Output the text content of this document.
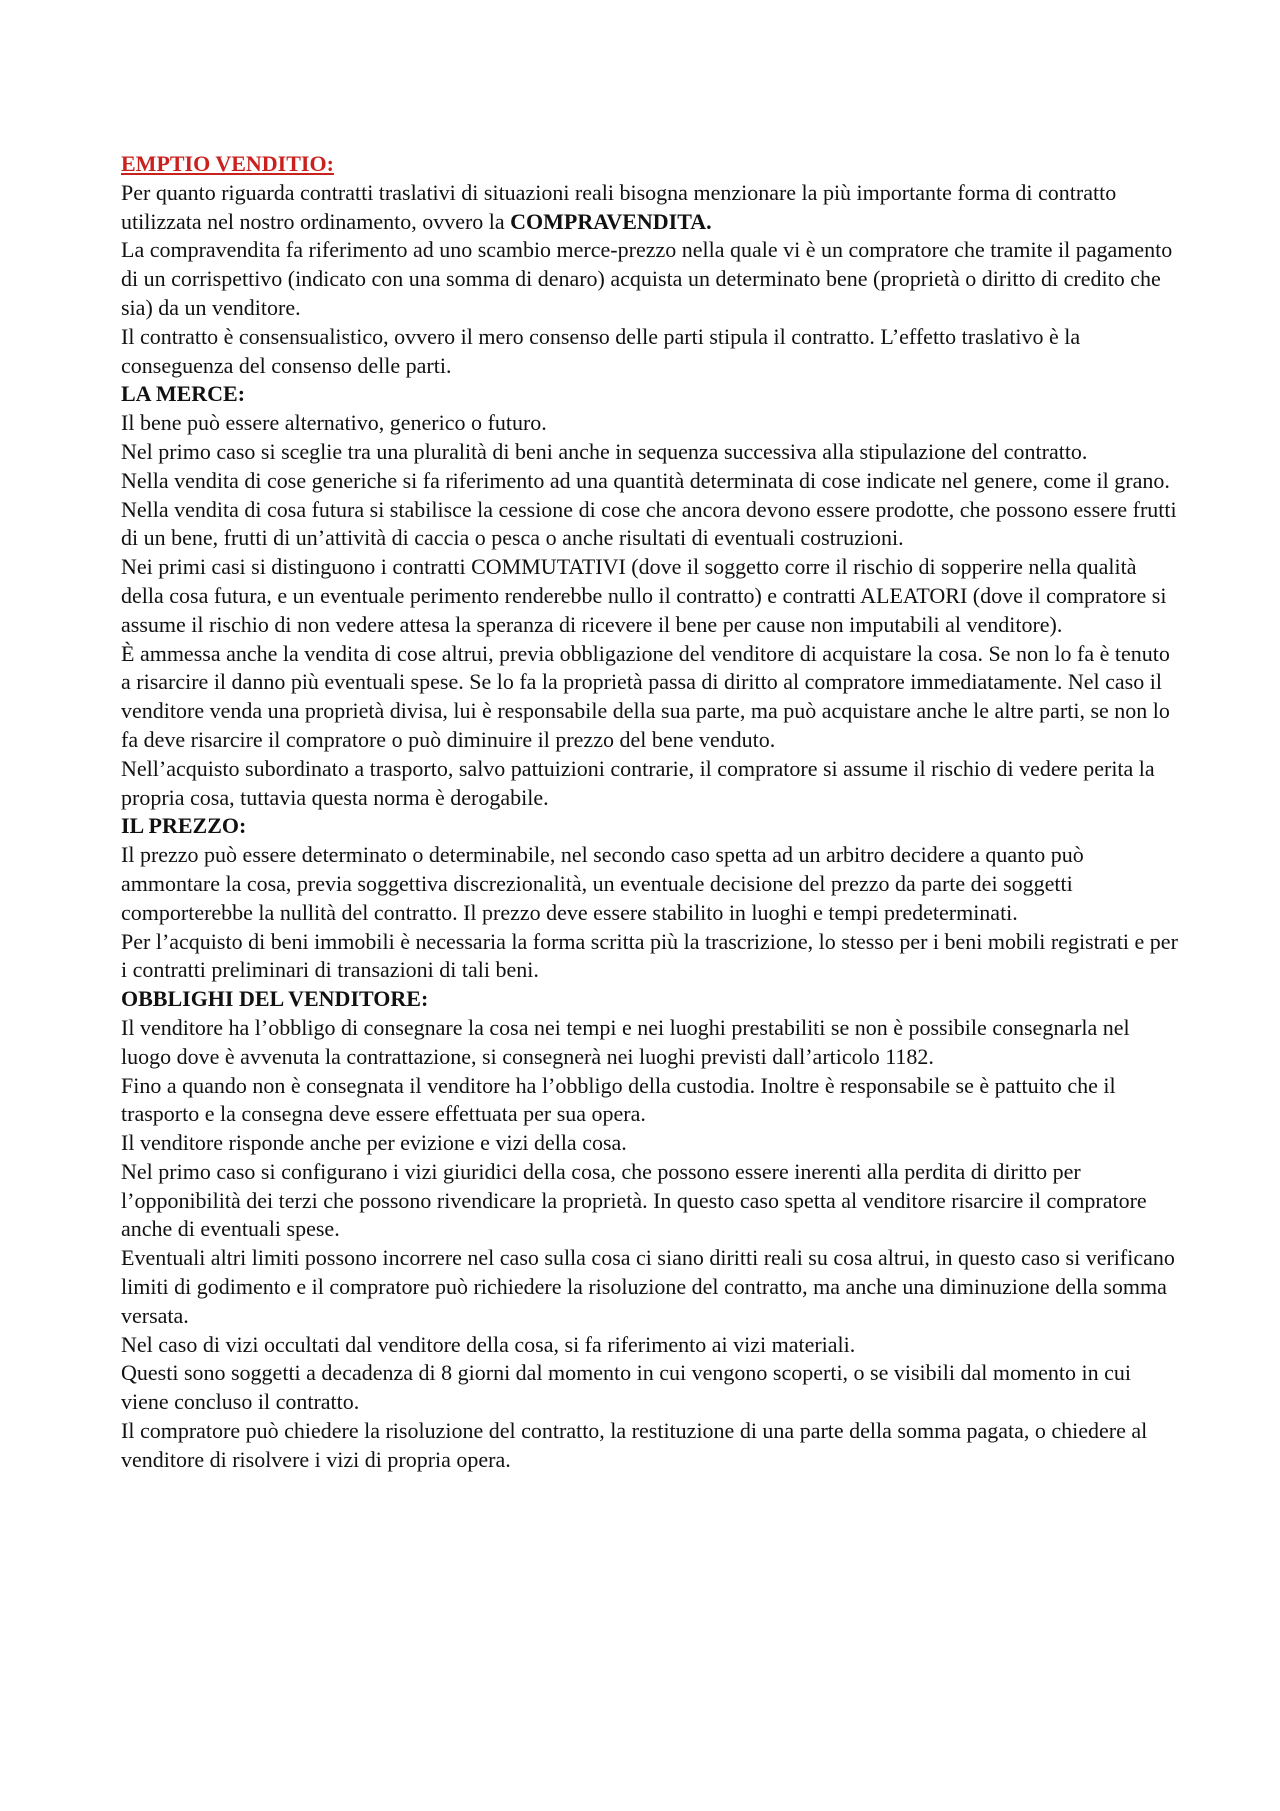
EMPTIO VENDITIO:

Per quanto riguarda contratti traslativi di situazioni reali bisogna menzionare la più importante forma di contratto utilizzata nel nostro ordinamento, ovvero la COMPRAVENDITA.

La compravendita fa riferimento ad uno scambio merce-prezzo nella quale vi è un compratore che tramite il pagamento di un corrispettivo (indicato con una somma di denaro) acquista un determinato bene (proprietà o diritto di credito che sia) da un venditore.

Il contratto è consensualistico, ovvero il mero consenso delle parti stipula il contratto. L’effetto traslativo è la conseguenza del consenso delle parti.

LA MERCE:

Il bene può essere alternativo, generico o futuro.

Nel primo caso si sceglie tra una pluralità di beni anche in sequenza successiva alla stipulazione del contratto.

Nella vendita di cose generiche si fa riferimento ad una quantità determinata di cose indicate nel genere, come il grano.

Nella vendita di cosa futura si stabilisce la cessione di cose che ancora devono essere prodotte, che possono essere frutti di un bene, frutti di un’attività di caccia o pesca o anche risultati di eventuali costruzioni.

Nei primi casi si distinguono i contratti COMMUTATIVI (dove il soggetto corre il rischio di sopperire nella qualità della cosa futura, e un eventuale perimento renderebbe nullo il contratto) e contratti ALEATORI (dove il compratore si assume il rischio di non vedere attesa la speranza di ricevere il bene per cause non imputabili al venditore).

È ammessa anche la vendita di cose altrui, previa obbligazione del venditore di acquistare la cosa. Se non lo fa è tenuto a risarcire il danno più eventuali spese. Se lo fa la proprietà passa di diritto al compratore immediatamente. Nel caso il venditore venda una proprietà divisa, lui è responsabile della sua parte, ma può acquistare anche le altre parti, se non lo fa deve risarcire il compratore o può diminuire il prezzo del bene venduto.

Nell’acquisto subordinato a trasporto, salvo pattuizioni contrarie, il compratore si assume il rischio di vedere perita la propria cosa, tuttavia questa norma è derogabile.

IL PREZZO:

Il prezzo può essere determinato o determinabile, nel secondo caso spetta ad un arbitro decidere a quanto può ammontare la cosa, previa soggettiva discrezionalità, un eventuale decisione del prezzo da parte dei soggetti comporterebbe la nullità del contratto. Il prezzo deve essere stabilito in luoghi e tempi predeterminati.

Per l’acquisto di beni immobili è necessaria la forma scritta più la trascrizione, lo stesso per i beni mobili registrati e per i contratti preliminari di transazioni di tali beni.

OBBLIGHI DEL VENDITORE:

Il venditore ha l’obbligo di consegnare la cosa nei tempi e nei luoghi prestabiliti se non è possibile consegnarla nel luogo dove è avvenuta la contrattazione, si consegnerà nei luoghi previsti dall’articolo 1182.

Fino a quando non è consegnata il venditore ha l’obbligo della custodia. Inoltre è responsabile se è pattuito che il trasporto e la consegna deve essere effettuata per sua opera.

Il venditore risponde anche per evizione e vizi della cosa.

Nel primo caso si configurano i vizi giuridici della cosa, che possono essere inerenti alla perdita di diritto per l’opponibilità dei terzi che possono rivendicare la proprietà. In questo caso spetta al venditore risarcire il compratore anche di eventuali spese.

Eventuali altri limiti possono incorrere nel caso sulla cosa ci siano diritti reali su cosa altrui, in questo caso si verificano limiti di godimento e il compratore può richiedere la risoluzione del contratto, ma anche una diminuzione della somma versata.

Nel caso di vizi occultati dal venditore della cosa, si fa riferimento ai vizi materiali.

Questi sono soggetti a decadenza di 8 giorni dal momento in cui vengono scoperti, o se visibili dal momento in cui viene concluso il contratto.

Il compratore può chiedere la risoluzione del contratto, la restituzione di una parte della somma pagata, o chiedere al venditore di risolvere i vizi di propria opera.
